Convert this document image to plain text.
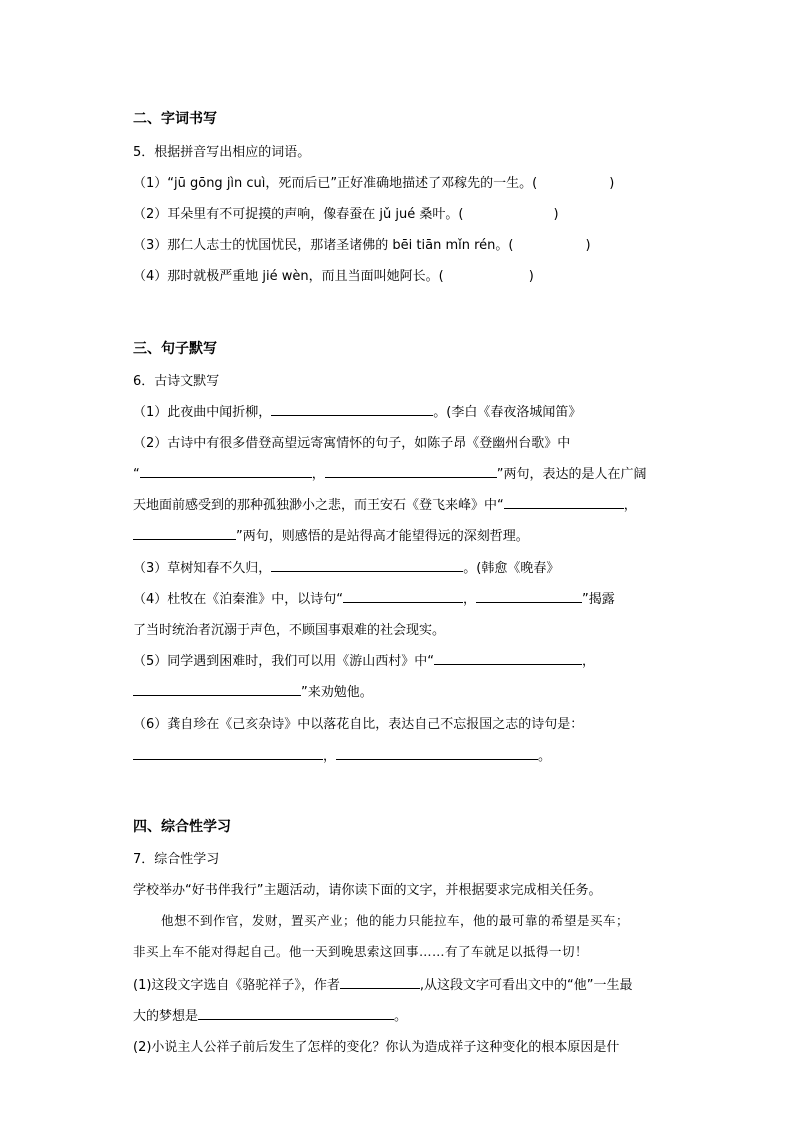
二、字词书写
5．根据拼音写出相应的词语。
（1）“jū gōng jìn cuì，死而后已”正好准确地描述了邓稼先的一生。(	)
（2）耳朵里有不可捉摸的声响，像春蚕在 jǔ jué 桑叶。(	)
（3）那仁人志士的忧国忧民，那诸圣诸佛的 bēi tiān mǐn rén。(	)
（4）那时就极严重地 jié wèn，而且当面叫她阿长。(	)
三、句子默写
6．古诗文默写
（1）此夜曲中闻折柳，	。(李白《春夜洛城闻笛》
（2）古诗中有很多借登高望远寄寓情怀的句子，如陈子昂《登幽州台歌》中
“	，	”两句，表达的是人在广阔
天地面前感受到的那种孤独渺小之悲，而王安石《登飞来峰》中“	，
”两句，则感悟的是站得高才能望得远的深刻哲理。
（3）草树知春不久归，	。(韩愈《晚春》
（4）杜牧在《泊秦淮》中，以诗句“	，	”揭露
了当时统治者沉溺于声色，不顾国事艰难的社会现实。
（5）同学遇到困难时，我们可以用《游山西村》中“	，
”来劝勉他。
（6）龚自珍在《己亥杂诗》中以落花自比，表达自己不忘报国之志的诗句是：
，	。
四、综合性学习
7．综合性学习
学校举办“好书伴我行”主题活动，请你读下面的文字，并根据要求完成相关任务。
他想不到作官，发财，置买产业；他的能力只能拉车，他的最可靠的希望是买车；
非买上车不能对得起自己。他一天到晚思索这回事……有了车就足以抵得一切！
(1)这段文字选自《骆驼祥子》，作者	,从这段文字可看出文中的“他”一生最
大的梦想是	。
(2)小说主人公祥子前后发生了怎样的变化？你认为造成祥子这种变化的根本原因是什
